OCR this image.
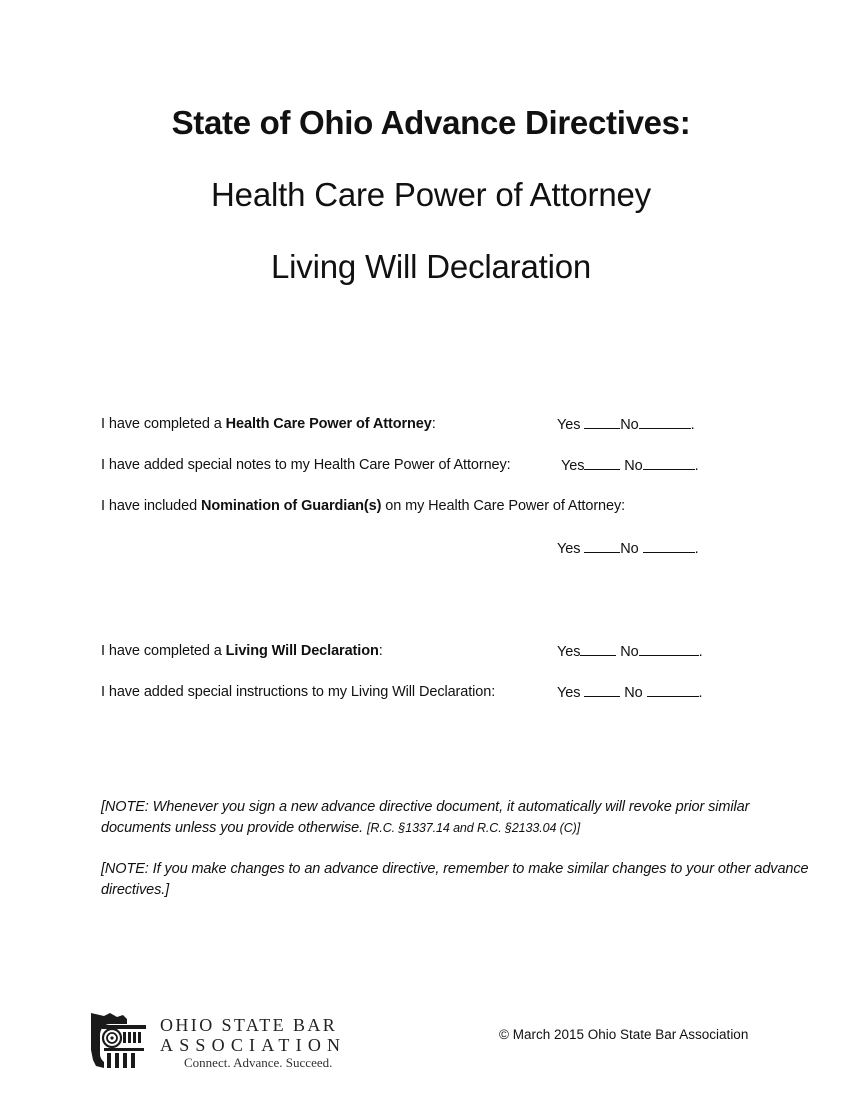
State of Ohio Advance Directives:
Health Care Power of Attorney
Living Will Declaration
I have completed a Health Care Power of Attorney:	Yes No	.
I have added special notes to my Health Care Power of Attorney:	Yes No	.
I have included Nomination of Guardian(s) on my Health Care Power of Attorney:
Yes No	.
I have completed a Living Will Declaration:	Yes No	.
I have added special instructions to my Living Will Declaration:	Yes  No	.
[NOTE: Whenever you sign a new advance directive document, it automatically will revoke prior similar documents unless you provide otherwise. [R.C. §1337.14 and R.C. §2133.04 (C)]
[NOTE: If you make changes to an advance directive, remember to make similar changes to your other advance directives.]
OHIO STATE BAR
ASSOCIATION
Connect. Advance. Succeed.
© March 2015 Ohio State Bar Association
